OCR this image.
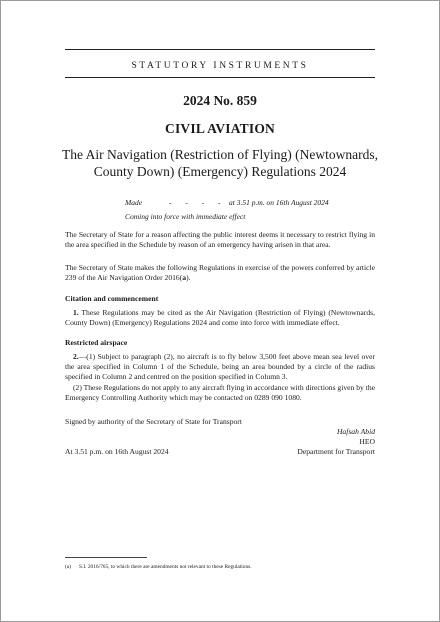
STATUTORY INSTRUMENTS
2024 No. 859
CIVIL AVIATION
The Air Navigation (Restriction of Flying) (Newtownards,
County Down) (Emergency) Regulations 2024
Made	- - - - at 3.51 p.m. on 16th August 2024
Coming into force with immediate effect
The Secretary of State for a reason affecting the public interest deems it necessary to restrict flying in the area specified in the Schedule by reason of an emergency having arisen in that area.
The Secretary of State makes the following Regulations in exercise of the powers conferred by article 239 of the Air Navigation Order 2016(a).
Citation and commencement
1. These Regulations may be cited as the Air Navigation (Restriction of Flying) (Newtownards, County Down) (Emergency) Regulations 2024 and come into force with immediate effect.
Restricted airspace
2.—(1) Subject to paragraph (2), no aircraft is to fly below 3,500 feet above mean sea level over the area specified in Column 1 of the Schedule, being an area bounded by a circle of the radius specified in Column 2 and centred on the position specified in Column 3.
(2) These Regulations do not apply to any aircraft flying in accordance with directions given by the Emergency Controlling Authority which may be contacted on 0289 090 1080.
Signed by authority of the Secretary of State for Transport
Hafsah Abid
HEO
Department for Transport
At 3.51 p.m. on 16th August 2024
(a) S.I. 2016/765, to which there are amendments not relevant to these Regulations.
